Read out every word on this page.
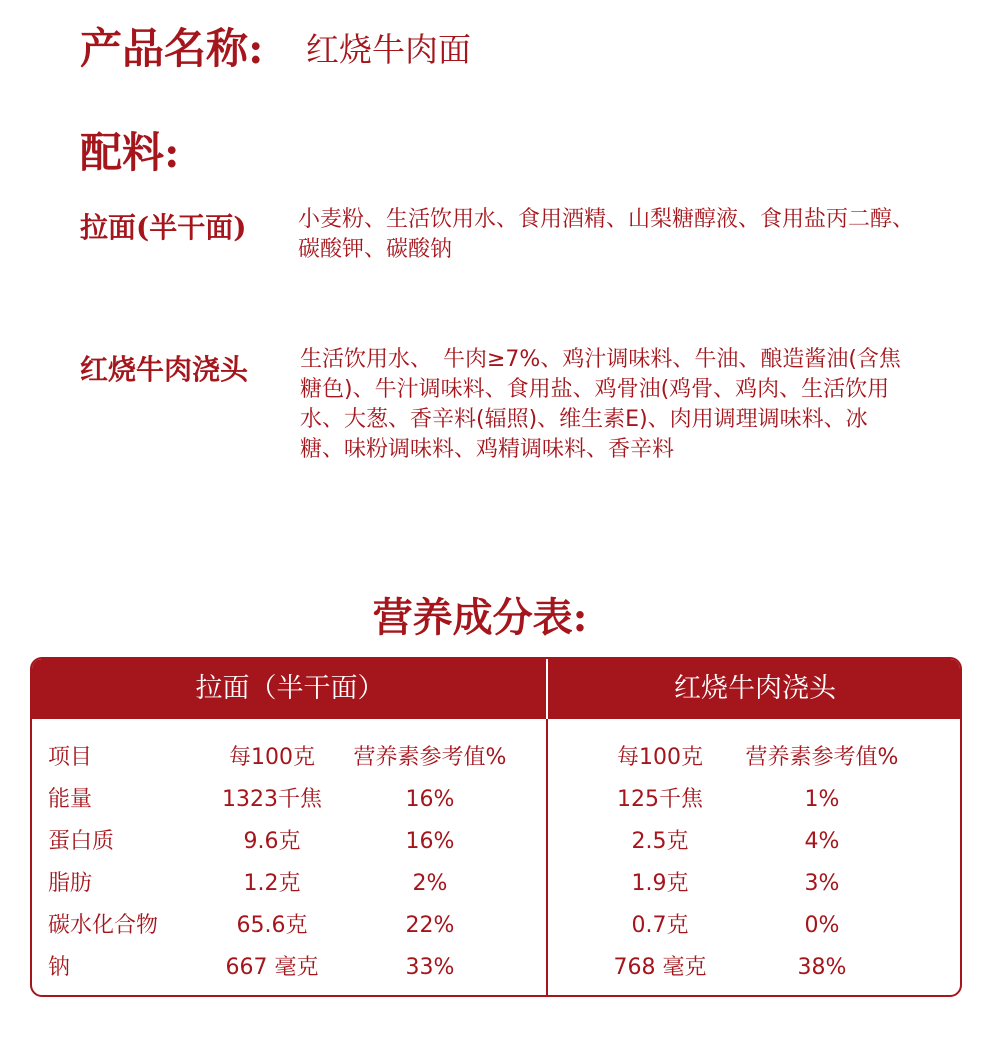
产品名称: 红烧牛肉面
配料:
拉面(半干面) 小麦粉、生活饮用水、食用酒精、山梨糖醇液、食用盐丙二醇、碳酸钾、碳酸钠
红烧牛肉浇头 生活饮用水、　牛肉≥7%、鸡汁调味料、牛油、酿造酱油(含焦糖色)、牛汁调味料、食用盐、鸡骨油(鸡骨、鸡肉、生活饮用水、大葱、香辛料(辐照)、维生素E)、肉用调理调味料、冰糖、味粉调味料、鸡精调味料、香辛料
营养成分表:
拉面（半干面）	红烧牛肉浇头
项目	每100克	营养素参考值%	每100克	营养素参考值%
能量	1323千焦	16%	125千焦	1%
蛋白质	9.6克	16%	2.5克	4%
脂肪	1.2克	2%	1.9克	3%
碳水化合物	65.6克	22%	0.7克	0%
钠	667 毫克	33%	768 毫克	38%
